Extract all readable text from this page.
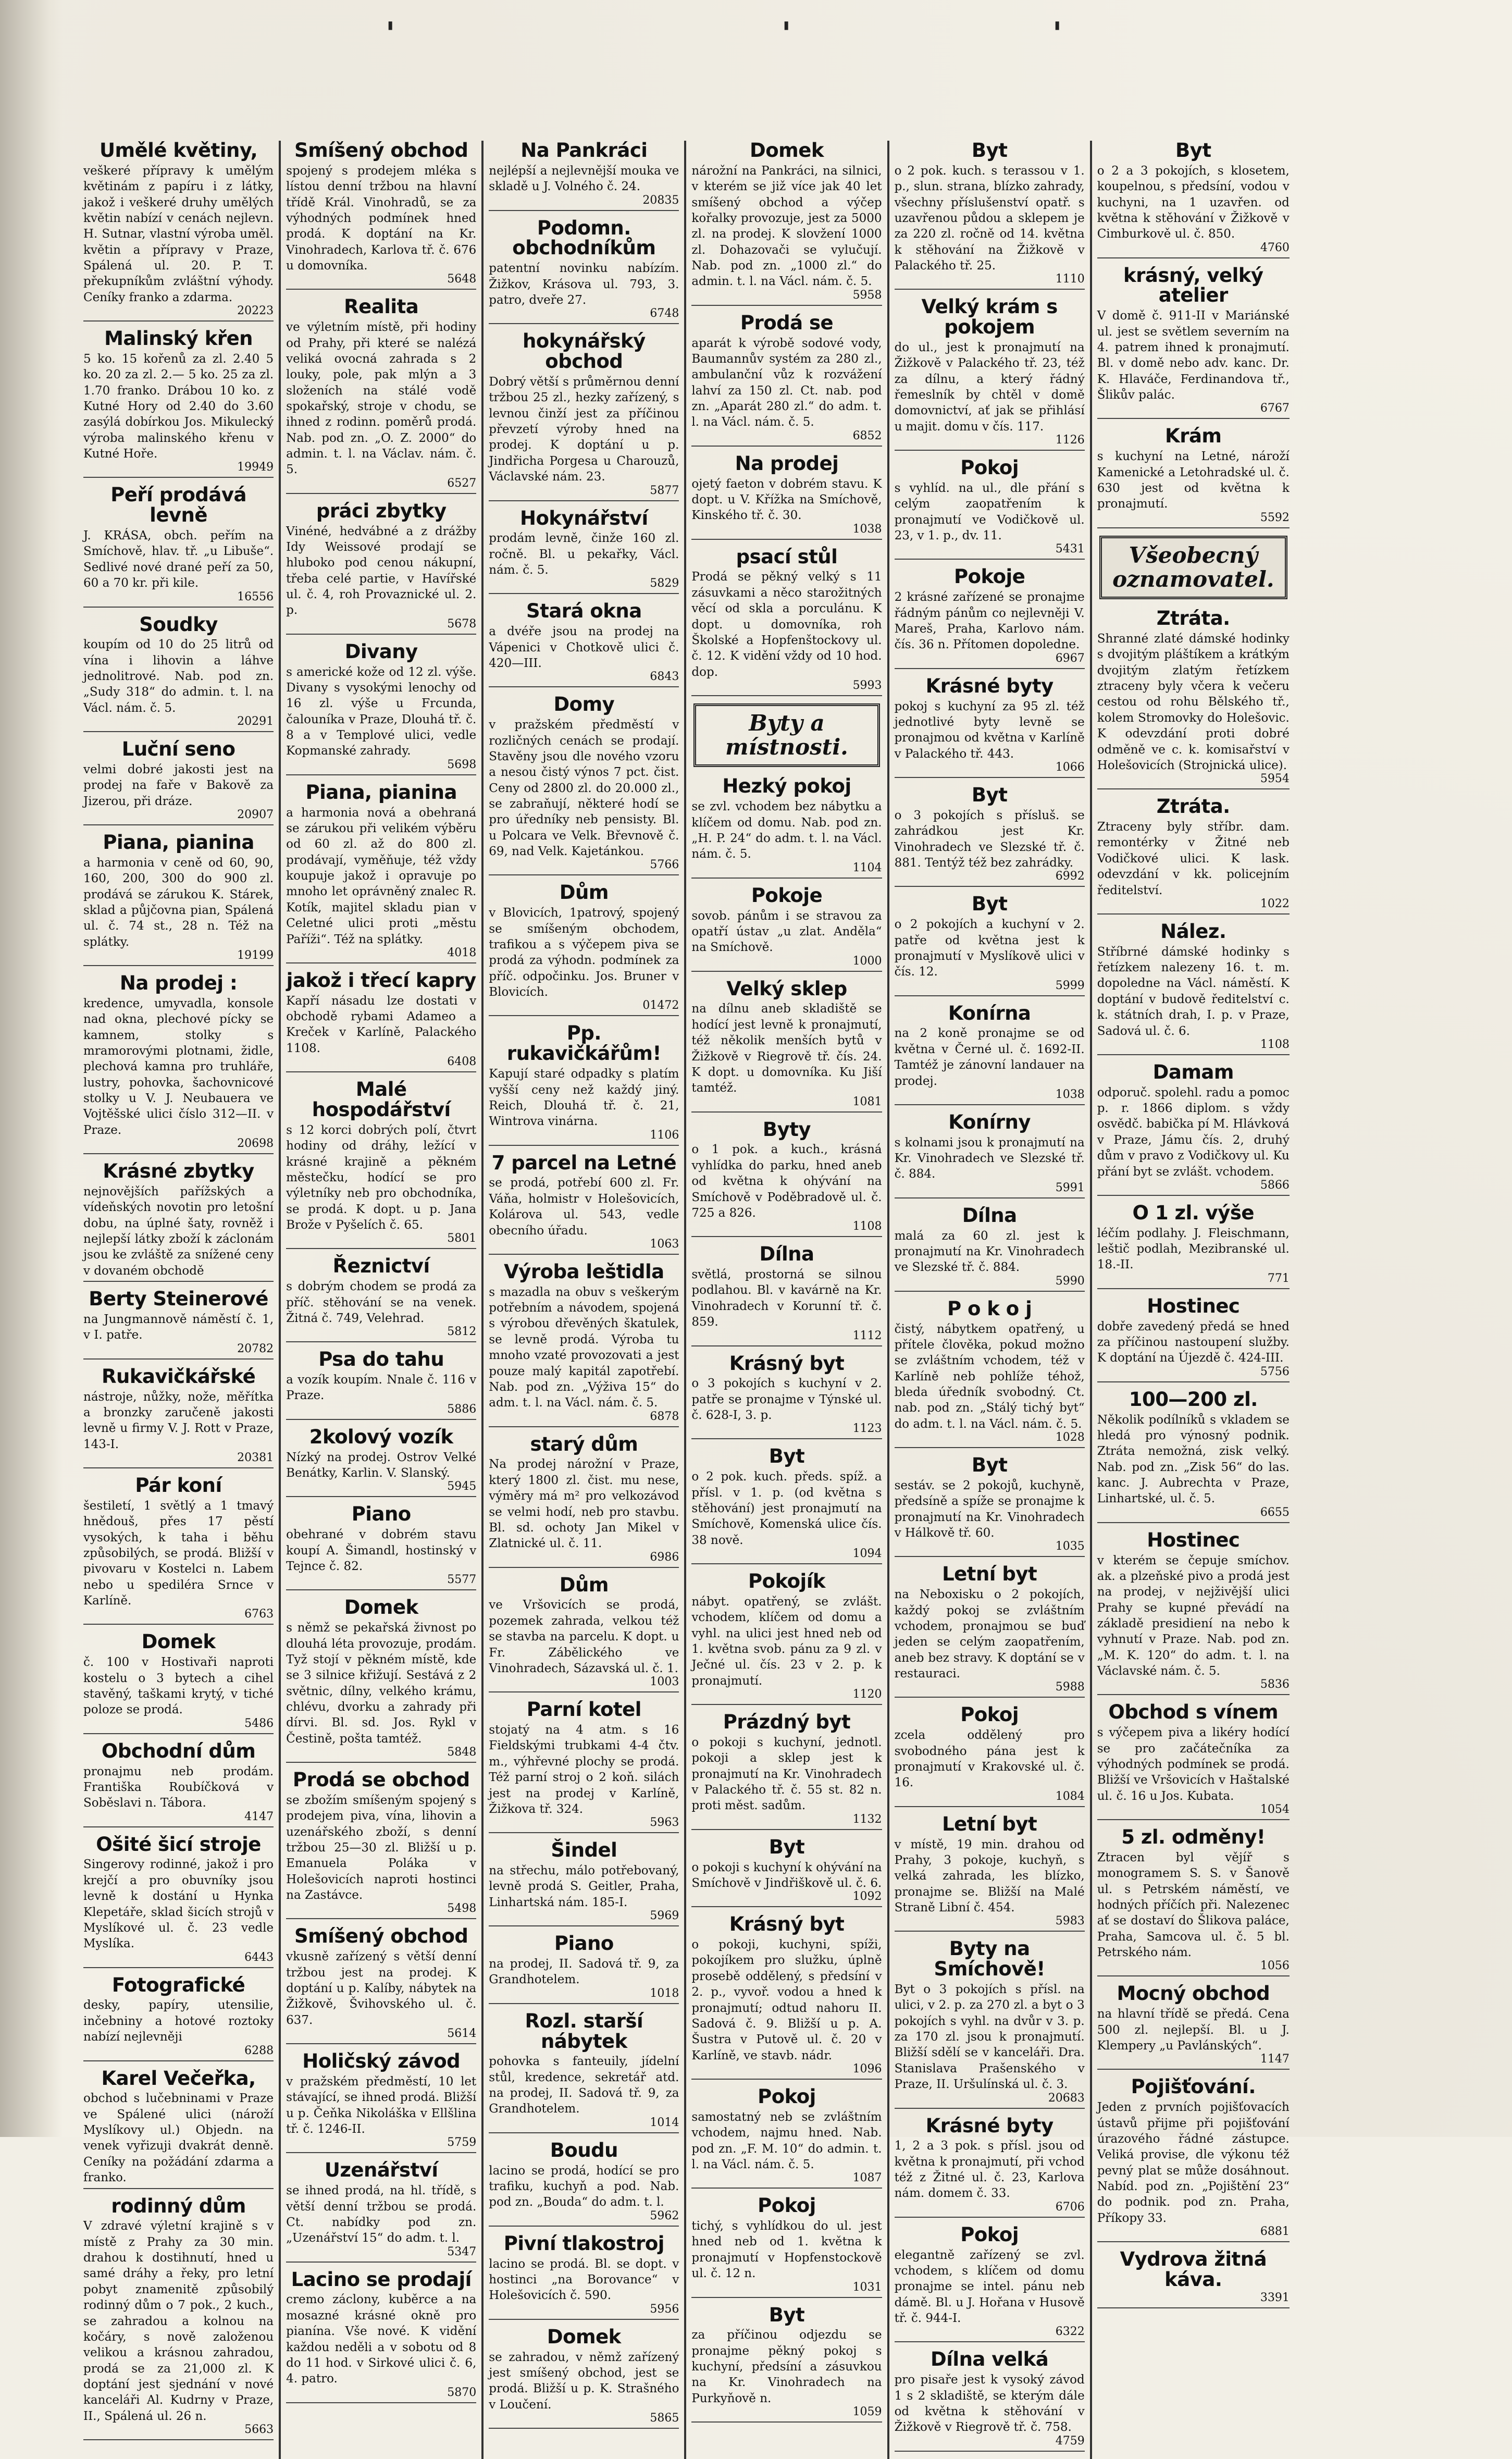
'	'	'
Umělé květiny,

veškeré přípravy k umělým květinám z papíru i z látky, jakož i veškeré druhy umělých květin nabízí v cenách nejlevn. H. Sutnar, vlastní výroba uměl. květin a přípravy v Praze, Spálená ul. 20. P. T. překupníkům zvláštní výhody. Ceníky franko a zdarma.

20223
Malinský křen

5 ko. 15 kořenů za zl. 2.40 5 ko. 20 za zl. 2.— 5 ko. 25 za zl. 1.70 franko. Drábou 10 ko. z Kutné Hory od 2.40 do 3.60 zasýlá dobírkou Jos. Mikulecký výroba malinského křenu v Kutné Hoře.

19949
Peří prodává levně

J. KRÁSA, obch. peřím na Smíchově, hlav. tř. „u Libuše“. Sedlivé nové drané peří za 50, 60 a 70 kr. při kile.

16556
Soudky

koupím od 10 do 25 litrů od vína i lihovin a láhve jednolitrové. Nab. pod zn. „Sudy 318“ do admin. t. l. na Václ. nám. č. 5.

20291
Luční seno

velmi dobré jakosti jest na prodej na faře v Bakově za Jizerou, při dráze.

20907
Piana, pianina

a harmonia v ceně od 60, 90, 160, 200, 300 do 900 zl. prodává se zárukou K. Stárek, sklad a půjčovna pian, Spálená ul. č. 74 st., 28 n. Též na splátky.

19199
Na prodej :

kredence, umyvadla, konsole nad okna, plechové pícky se kamnem, stolky s mramorovými plotnami, židle, plechová kamna pro truhláře, lustry, pohovka, šachovnicové stolky u V. J. Neubauera ve Vojtěšské ulici číslo 312—II. v Praze.

20698
Krásné zbytky

nejnovějších pařížských a vídeňských novotin pro letošní dobu, na úplné šaty, rovněž i nejlepší látky zboží k záclonám jsou ke zvláště za snížené ceny v dovaném obchodě

Berty Steinerové

na Jungmannově náměstí č. 1, v I. patře.

20782
Rukavičkářské

nástroje, nůžky, nože, měřítka a bronzky zaručeně jakosti levně u firmy V. J. Rott v Praze, 143-I.

20381
Pár koní

šestiletí, 1 světlý a 1 tmavý hnědouš, přes 17 pěstí vysokých, k taha i běhu způsobilých, se prodá. Bližší v pivovaru v Kostelci n. Labem nebo u spediléra Srnce v Karlíně.

6763
Domek

č. 100 v Hostivaři naproti kostelu o 3 bytech a cihel stavěný, taškami krytý, v tiché poloze se prodá.

5486
Obchodní dům

pronajmu neb prodám. Františka Roubíčková v Soběslavi n. Tábora.

4147
Ošité šicí stroje

Singerovy rodinné, jakož i pro krejčí a pro obuvníky jsou levně k dostání u Hynka Klepetáře, sklad šicích strojů v Myslíkové ul. č. 23 vedle Myslíka.

6443
Fotografické

desky, papíry, utensilie, inčebniny a hotové roztoky nabízí nejlevněji

6288
Karel Večeřka,

obchod s lučebninami v Praze ve Spálené ulici (nároží Myslíkovy ul.) Objedn. na venek vyřizuji dvakrát denně. Ceníky na požádání zdarma a franko.

rodinný dům

V zdravé výletní krajině s v místě z Prahy za 30 min. drahou k dostihnutí, hned u samé dráhy a řeky, pro letní pobyt znamenitě způsobilý rodinný dům o 7 pok., 2 kuch., se zahradou a kolnou na kočáry, s nově založenou velikou a krásnou zahradou, prodá se za 21,000 zl. K doptání jest sjednání v nové kanceláři Al. Kudrny v Praze, II., Spálená ul. 26 n.

5663
Smíšený obchod

spojený s prodejem mléka s lístou denní tržbou na hlavní třídě Král. Vinohradů, se za výhodných podmínek hned prodá. K doptání na Kr. Vinohradech, Karlova tř. č. 676 u domovníka.

5648
Realita

ve výletním místě, při hodiny od Prahy, při které se nalézá veliká ovocná zahrada s 2 louky, pole, pak mlýn a 3 složeních na stálé vodě spokařský, stroje v chodu, se ihned z rodinn. poměrů prodá. Nab. pod zn. „O. Z. 2000“ do admin. t. l. na Václav. nám. č. 5.

6527
práci zbytky

Vinéné, hedvábné a z drážby Idy Weissové prodají se hluboko pod cenou nákupní, třeba celé partie, v Havířské ul. č. 4, roh Provaznické ul. 2. p.

5678
Divany

s americké kože od 12 zl. výše. Divany s vysokými lenochy od 16 zl. výše u Frcunda, čalouníka v Praze, Dlouhá tř. č. 8 a v Templové ulici, vedle Kopmanské zahrady.

5698
Piana, pianina

a harmonia nová a obehraná se zárukou při velikém výběru od 60 zl. až do 800 zl. prodávají, vyměňuje, též vždy koupuje jakož i opravuje po mnoho let oprávněný znalec R. Kotík, majitel skladu pian v Celetné ulici proti „městu Paříži“. Též na splátky.

4018
jakož i třecí kapry

Kapří násadu lze dostati v obchodě rybami Adameo a Kreček v Karlíně, Palackého 1108.

6408
Malé hospodářství

s 12 korci dobrých polí, čtvrt hodiny od dráhy, ležící v krásné krajině a pěkném městečku, hodící se pro výletníky neb pro obchodníka, se prodá. K dopt. u p. Jana Brože v Pyšelích č. 65.

5801
Řeznictví

s dobrým chodem se prodá za příč. stěhování se na venek. Žitná č. 749, Velehrad.

5812
Psa do tahu

a vozík koupím. Nnale č. 116 v Praze.

5886
2kolový vozík

Nízký na prodej. Ostrov Velké Benátky, Karlin. V. Slanský.

5945
Piano

obehrané v dobrém stavu koupí A. Šimandl, hostinský v Tejnce č. 82.

5577
Domek

s němž se pekařská živnost po dlouhá léta provozuje, prodám. Tyž stojí v pěkném místě, kde se 3 silnice křižují. Sestává z 2 světnic, dílny, velkého krámu, chlévu, dvorku a zahrady při dírvi. Bl. sd. Jos. Rykl v Čestině, pošta tamtéž.

5848
Prodá se obchod

se zbožím smíšeným spojený s prodejem piva, vína, lihovin a uzenářského zboží, s denní tržbou 25—30 zl. Bližší u p. Emanuela Poláka v Holešovicích naproti hostinci na Zastávce.

5498
Smíšený obchod

vkusně zařízený s větší denní tržbou jest na prodej. K doptání u p. Kalíby, nábytek na Žižkově, Švihovského ul. č. 637.

5614
Holičský závod

v pražském předměstí, 10 let stávající, se ihned prodá. Bližší u p. Čeňka Nikoláška v Ellšlina tř. č. 1246-II.

5759
Uzenářství

se ihned prodá, na hl. třídě, s větší denní tržbou se prodá. Ct. nabídky pod zn. „Uzenářství 15“ do adm. t. l.

5347
Lacino se prodají

cremo záclony, kuběrce a na mosazné krásné okně pro pianína. Vše nové. K vidění každou neděli a v sobotu od 8 do 11 hod. v Sirkové ulici č. 6, 4. patro.

5870
Na Pankráci

nejlépší a nejlevnější mouka ve skladě u J. Volného č. 24.

20835
Podomn. obchodníkům

patentní novinku nabízím. Žižkov, Krásova ul. 793, 3. patro, dveře 27.

6748
hokynářský obchod

Dobrý větší s průměrnou denní tržbou 25 zl., hezky zařízený, s levnou činží jest za příčinou převzetí výroby hned na prodej. K doptání u p. Jindřicha Porgesa u Charouzů, Václavské nám. 23.

5877
Hokynářství

prodám levně, činže 160 zl. ročně. Bl. u pekařky, Václ. nám. č. 5.

5829
Stará okna

a dvéře jsou na prodej na Vápenici v Chotkově ulici č. 420—III.

6843
Domy

v pražském předměstí v rozličných cenách se prodají. Stavěny jsou dle nového vzoru a nesou čistý výnos 7 pct. čist. Ceny od 2800 zl. do 20.000 zl., se zabraňují, některé hodí se pro úředníky neb pensisty. Bl. u Polcara ve Velk. Břevnově č. 69, nad Velk. Kajetánkou.

5766
Dům

v Blovicích, 1patrový, spojený se smíšeným obchodem, trafikou a s výčepem piva se prodá za výhodn. podmínek za příč. odpočinku. Jos. Bruner v Blovicích.

01472
Pp. rukavičkářům!

Kapují staré odpadky s platím vyšší ceny než každý jiný. Reich, Dlouhá tř. č. 21, Wintrova vinárna.

1106
7 parcel na Letné

se prodá, potřebí 600 zl. Fr. Váňa, holmistr v Holešovicích, Kolárova ul. 543, vedle obecního úřadu.

1063
Výroba leštidla

s mazadla na obuv s veškerým potřebním a návodem, spojená s výrobou dřevěných škatulek, se levně prodá. Výroba tu mnoho vzaté provozovati a jest pouze malý kapitál zapotřebí. Nab. pod zn. „Výživa 15“ do adm. t. l. na Václ. nám. č. 5.

6878
starý dům

Na prodej nárožní v Praze, který 1800 zl. čist. mu nese, výměry má m² pro velkozávod se velmi hodí, neb pro stavbu. Bl. sd. ochoty Jan Mikel v Zlatnické ul. č. 11.

6986
Dům

ve Vršovicích se prodá, pozemek zahrada, velkou též se stavba na parcelu. K dopt. u Fr. Zábělického ve Vinohradech, Sázavská ul. č. 1.

1003
Parní kotel

stojatý na 4 atm. s 16 Fieldskými trubkami 4-4 čtv. m., výhřevné plochy se prodá. Též parní stroj o 2 koň. silách jest na prodej v Karlíně, Žižkova tř. 324.

5963
Šindel

na střechu, málo potřebovaný, levně prodá S. Geitler, Praha, Linhartská nám. 185-I.

5969
Piano

na prodej, II. Sadová tř. 9, za Grandhotelem.

1018
Rozl. starší nábytek

pohovka s fanteuily, jídelní stůl, kredence, sekretář atd. na prodej, II. Sadová tř. 9, za Grandhotelem.

1014
Boudu

lacino se prodá, hodící se pro trafiku, kuchyň a pod. Nab. pod zn. „Bouda“ do adm. t. l.

5962
Pivní tlakostroj

lacino se prodá. Bl. se dopt. v hostinci „na Borovance“ v Holešovicích č. 590.

5956
Domek

se zahradou, v němž zařízený jest smíšený obchod, jest se prodá. Bližší u p. K. Strašného v Loučení.

5865
Domek

nárožní na Pankráci, na silnici, v kterém se již více jak 40 let smíšený obchod a výčep kořalky provozuje, jest za 5000 zl. na prodej. K slovžení 1000 zl. Dohazovači se vylučují. Nab. pod zn. „1000 zl.“ do admin. t. l. na Václ. nám. č. 5.

5958
Prodá se

aparát k výrobě sodové vody, Baumannův systém za 280 zl., ambulanční vůz k rozvážení lahví za 150 zl. Ct. nab. pod zn. „Aparát 280 zl.“ do adm. t. l. na Václ. nám. č. 5.

6852
Na prodej

ojetý faeton v dobrém stavu. K dopt. u V. Křížka na Smíchově, Kinského tř. č. 30.

1038
psací stůl

Prodá se pěkný velký s 11 zásuvkami a něco starožitných věcí od skla a porculánu. K dopt. u domovníka, roh Školské a Hopfenštockovy ul. č. 12. K vidění vždy od 10 hod. dop.

5993
Byty a místnosti.
Hezký pokoj

se zvl. vchodem bez nábytku a klíčem od domu. Nab. pod zn. „H. P. 24“ do adm. t. l. na Václ. nám. č. 5.

1104
Pokoje

sovob. pánům i se stravou za opatří ústav „u zlat. Anděla“ na Smíchově.

1000
Velký sklep

na dílnu aneb skladiště se hodící jest levně k pronajmutí, též několik menších bytů v Žižkově v Riegrově tř. čís. 24. K dopt. u domovníka. Ku Jiší tamtéž.

1081
Byty

o 1 pok. a kuch., krásná vyhlídka do parku, hned aneb od května k ohývání na Smíchově v Poděbradově ul. č. 725 a 826.

1108
Dílna

světlá, prostorná se silnou podlahou. Bl. v kavárně na Kr. Vinohradech v Korunní tř. č. 859.

1112
Krásný byt

o 3 pokojích s kuchyní v 2. patře se pronajme v Týnské ul. č. 628-I, 3. p.

1123
Byt

o 2 pok. kuch. předs. spíž. a přísl. v 1. p. (od května s stěhování) jest pronajmutí na Smíchově, Komenská ulice čís. 38 nově.

1094
Pokojík

nábyt. opatřený, se zvlášt. vchodem, klíčem od domu a vyhl. na ulici jest hned neb od 1. května svob. pánu za 9 zl. v Ječné ul. čís. 23 v 2. p. k pronajmutí.

1120
Prázdný byt

o pokoji s kuchyní, jednotl. pokoji a sklep jest k pronajmutí na Kr. Vinohradech v Palackého tř. č. 55 st. 82 n. proti měst. sadům.

1132
Byt

o pokoji s kuchyní k ohývání na Smíchově v Jindřiškově ul. č. 6.

1092
Krásný byt

o pokoji, kuchyni, spíži, pokojíkem pro služku, úplně prosebě oddělený, s předsíní v 2. p., vyvoř. vodou a hned k pronajmutí; odtud nahoru II. Sadová č. 9. Bližší u p. A. Šustra v Putově ul. č. 20 v Karlíně, ve stavb. nádr.

1096
Pokoj

samostatný neb se zvláštním vchodem, najmu hned. Nab. pod zn. „F. M. 10“ do admin. t. l. na Václ. nám. č. 5.

1087
Pokoj

tichý, s vyhlídkou do ul. jest hned neb od 1. května k pronajmutí v Hopfenstockově ul. č. 12 n.

1031
Byt

za příčinou odjezdu se pronajme pěkný pokoj s kuchyní, předsíní a zásuvkou na Kr. Vinohradech na Purkyňově n.

1059
Byt

o 2 pok. kuch. s terassou v 1. p., slun. strana, blízko zahrady, všechny příslušenství opatř. s uzavřenou půdou a sklepem je za 220 zl. ročně od 14. května k stěhování na Žižkově v Palackého tř. 25.

1110
Velký krám s pokojem

do ul., jest k pronajmutí na Žižkově v Palackého tř. 23, též za dílnu, a který řádný řemeslník by chtěl v domě domovnictví, ať jak se přihlásí u majit. domu v čís. 117.

1126
Pokoj

s vyhlíd. na ul., dle přání s celým zaopatřením k pronajmutí ve Vodičkově ul. 23, v 1. p., dv. 11.

5431
Pokoje

2 krásné zařízené se pronajme řádným pánům co nejlevněji V. Mareš, Praha, Karlovo nám. čís. 36 n. Přítomen dopoledne.

6967
Krásné byty

pokoj s kuchyní za 95 zl. též jednotlivé byty levně se pronajmou od května v Karlíně v Palackého tř. 443.

1066
Byt

o 3 pokojích s přísluš. se zahrádkou jest Kr. Vinohradech ve Slezské tř. č. 881. Tentýž též bez zahrádky.

6992
Byt

o 2 pokojích a kuchyní v 2. patře od května jest k pronajmutí v Myslíkově ulici v čís. 12.

5999
Konírna

na 2 koně pronajme se od května v Černé ul. č. 1692-II. Tamtéž je zánovní landauer na prodej.

1038
Konírny

s kolnami jsou k pronajmutí na Kr. Vinohradech ve Slezské tř. č. 884.

5991
Dílna

malá za 60 zl. jest k pronajmutí na Kr. Vinohradech ve Slezské tř. č. 884.

5990
P o k o j

čistý, nábytkem opatřený, u přítele člověka, pokud možno se zvláštním vchodem, též v Karlíně neb pohlíže téhož, bleda úředník svobodný. Ct. nab. pod zn. „Stálý tichý byt“ do adm. t. l. na Václ. nám. č. 5.

1028
Byt

sestáv. se 2 pokojů, kuchyně, předsíně a spíže se pronajme k pronajmutí na Kr. Vinohradech v Hálkově tř. 60.

1035
Letní byt

na Neboxisku o 2 pokojích, každý pokoj se zvláštním vchodem, pronajmou se buď jeden se celým zaopatřením, aneb bez stravy. K doptání se v restauraci.

5988
Pokoj

zcela oddělený pro svobodného pána jest k pronajmutí v Krakovské ul. č. 16.

1084
Letní byt

v místě, 19 min. drahou od Prahy, 3 pokoje, kuchyň, s velká zahrada, les blízko, pronajme se. Bližší na Malé Straně Libní č. 454.

5983
Byty na Smíchově!

Byt o 3 pokojích s přísl. na ulici, v 2. p. za 270 zl. a byt o 3 pokojích s vyhl. na dvůr v 3. p. za 170 zl. jsou k pronajmutí. Bližší sdělí se v kanceláři. Dra. Stanislava Prašenského v Praze, II. Uršulínská ul. č. 3.

20683
Krásné byty

1, 2 a 3 pok. s přísl. jsou od května k pronajmutí, při vchod též z Žitné ul. č. 23, Karlova nám. domem č. 33.

6706
Pokoj

elegantně zařízený se zvl. vchodem, s klíčem od domu pronajme se intel. pánu neb dámě. Bl. u J. Hořana v Husově tř. č. 944-I.

6322
Dílna velká

pro pisaře jest k vysoký závod 1 s 2 skladiště, se kterým dále od května k stěhování v Žižkově v Riegrově tř. č. 758.

4759
Byt

o 2 a 3 pokojích, s klosetem, koupelnou, s předsíní, vodou v kuchyni, na 1 uzavřen. od května k stěhování v Žižkově v Cimburkově ul. č. 850.

4760
krásný, velký atelier

V domě č. 911-II v Mariánské ul. jest se světlem severním na 4. patrem ihned k pronajmutí. Bl. v domě nebo adv. kanc. Dr. K. Hlaváče, Ferdinandova tř., Šlikův palác.

6767
Krám

s kuchyní na Letné, nároží Kamenické a Letohradské ul. č. 630 jest od května k pronajmutí.

5592
Všeobecný oznamovatel.
Ztráta.

Shranné zlaté dámské hodinky s dvojitým pláštíkem a krátkým dvojitým zlatým řetízkem ztraceny byly včera k večeru cestou od rohu Bělského tř., kolem Stromovky do Holešovic. K odevzdání proti dobré odměně ve c. k. komisařství v Holešovicích (Strojnická ulice).

5954
Ztráta.

Ztraceny byly stříbr. dam. remontérky v Žitné neb Vodičkové ulici. K lask. odevzdání v kk. policejním ředitelství.

1022
Nález.

Stříbrné dámské hodinky s řetízkem nalezeny 16. t. m. dopoledne na Václ. náměstí. K doptání v budově ředitelství c. k. státních drah, I. p. v Praze, Sadová ul. č. 6.

1108
Damam

odporuč. spolehl. radu a pomoc p. r. 1866 diplom. s vždy osvědč. babička pí M. Hlávková v Praze, Jámu čís. 2, druhý dům v pravo z Vodičkovy ul. Ku přání byt se zvlášt. vchodem.

5866
O 1 zl. výše

léčím podlahy. J. Fleischmann, leštič podlah, Mezibranské ul. 18.-II.

771
Hostinec

dobře zavedený předá se hned za příčinou nastoupení služby. K doptání na Újezdě č. 424-III.

5756
100—200 zl.

Několik podílníků s vkladem se hledá pro výnosný podnik. Ztráta nemožná, zisk velký. Nab. pod zn. „Zisk 56“ do las. kanc. J. Aubrechta v Praze, Linhartské, ul. č. 5.

6655
Hostinec

v kterém se čepuje smíchov. ak. a plzeňské pivo a prodá jest na prodej, v nejživější ulici Prahy se kupné převádí na základě presidiení na nebo k vyhnutí v Praze. Nab. pod zn. „M. K. 120“ do adm. t. l. na Václavské nám. č. 5.

5836
Obchod s vínem

s výčepem piva a likéry hodící se pro začátečníka za výhodných podmínek se prodá. Bližší ve Vršovicích v Haštalské ul. č. 16 u Jos. Kubata.

1054
5 zl. odměny!

Ztracen byl vějíř s monogramem S. S. v Šanově ul. s Petrském náměstí, ve hodných příčích při. Nalezenec ať se dostaví do Šlikova paláce, Praha, Samcova ul. č. 5 bl. Petrského nám.

1056
Mocný obchod

na hlavní třídě se předá. Cena 500 zl. nejlepší. Bl. u J. Klempery „u Pavlánských“.

1147
Pojišťování.

Jeden z prvních pojišťovacích ústavů přijme při pojišťování úrazového řádné zástupce. Veliká provise, dle výkonu též pevný plat se může dosáhnout. Nabíd. pod zn. „Pojištění 23“ do podnik. pod zn. Praha, Příkopy 33.

6881
Vydrova žitná káva.

3391
